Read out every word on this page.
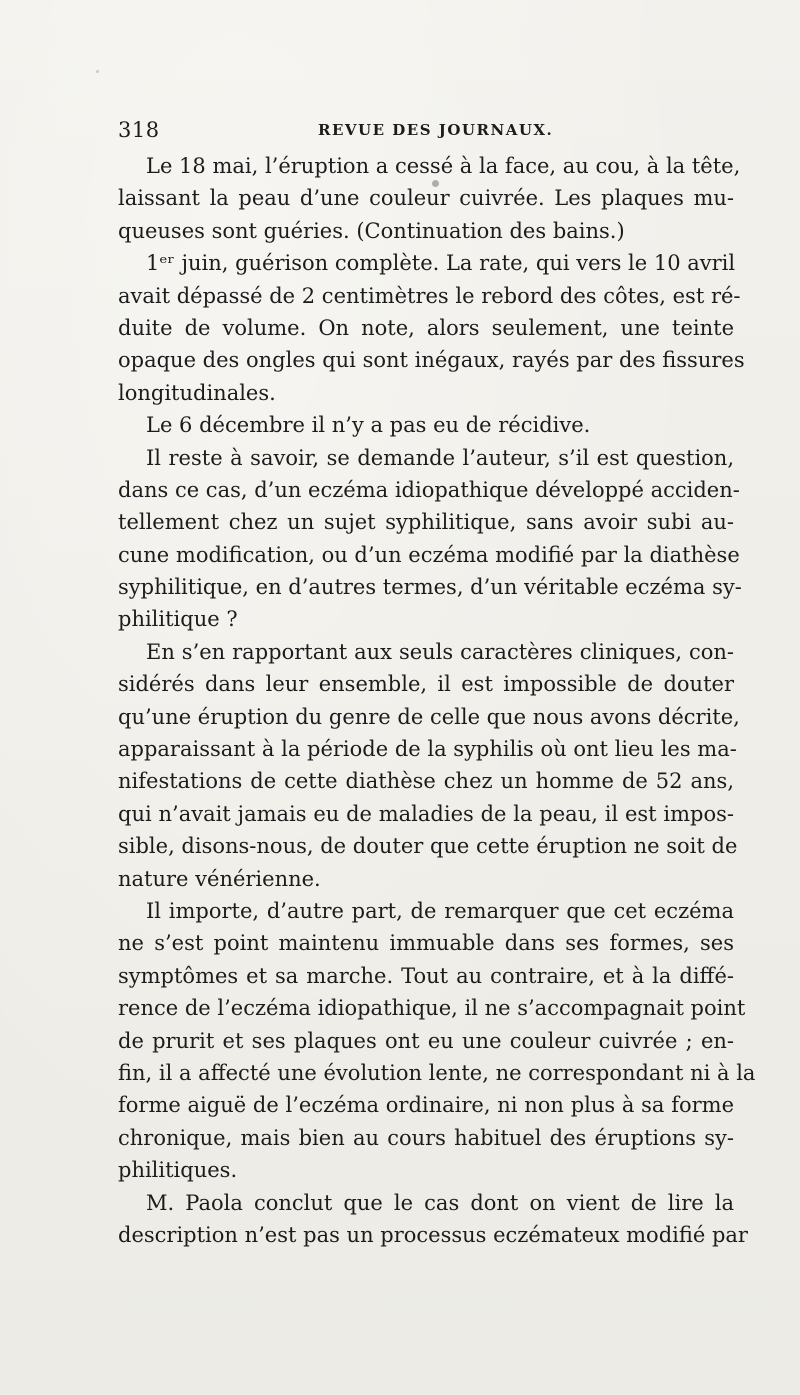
318	REVUE DES JOURNAUX.
Le 18 mai, l’éruption a cessé à la face, au cou, à la tête,
laissant la peau d’une couleur cuivrée. Les plaques mu-
queuses sont guéries. (Continuation des bains.)
1ᵉʳ juin, guérison complète. La rate, qui vers le 10 avril
avait dépassé de 2 centimètres le rebord des côtes, est ré-
duite de volume. On note, alors seulement, une teinte
opaque des ongles qui sont inégaux, rayés par des fissures
longitudinales.
Le 6 décembre il n’y a pas eu de récidive.
Il reste à savoir, se demande l’auteur, s’il est question,
dans ce cas, d’un eczéma idiopathique développé acciden-
tellement chez un sujet syphilitique, sans avoir subi au-
cune modification, ou d’un eczéma modifié par la diathèse
syphilitique, en d’autres termes, d’un véritable eczéma sy-
philitique ?
En s’en rapportant aux seuls caractères cliniques, con-
sidérés dans leur ensemble, il est impossible de douter
qu’une éruption du genre de celle que nous avons décrite,
apparaissant à la période de la syphilis où ont lieu les ma-
nifestations de cette diathèse chez un homme de 52 ans,
qui n’avait jamais eu de maladies de la peau, il est impos-
sible, disons-nous, de douter que cette éruption ne soit de
nature vénérienne.
Il importe, d’autre part, de remarquer que cet eczéma
ne s’est point maintenu immuable dans ses formes, ses
symptômes et sa marche. Tout au contraire, et à la diffé-
rence de l’eczéma idiopathique, il ne s’accompagnait point
de prurit et ses plaques ont eu une couleur cuivrée ; en-
fin, il a affecté une évolution lente, ne correspondant ni à la
forme aiguë de l’eczéma ordinaire, ni non plus à sa forme
chronique, mais bien au cours habituel des éruptions sy-
philitiques.
M. Paola conclut que le cas dont on vient de lire la
description n’est pas un processus eczémateux modifié par
